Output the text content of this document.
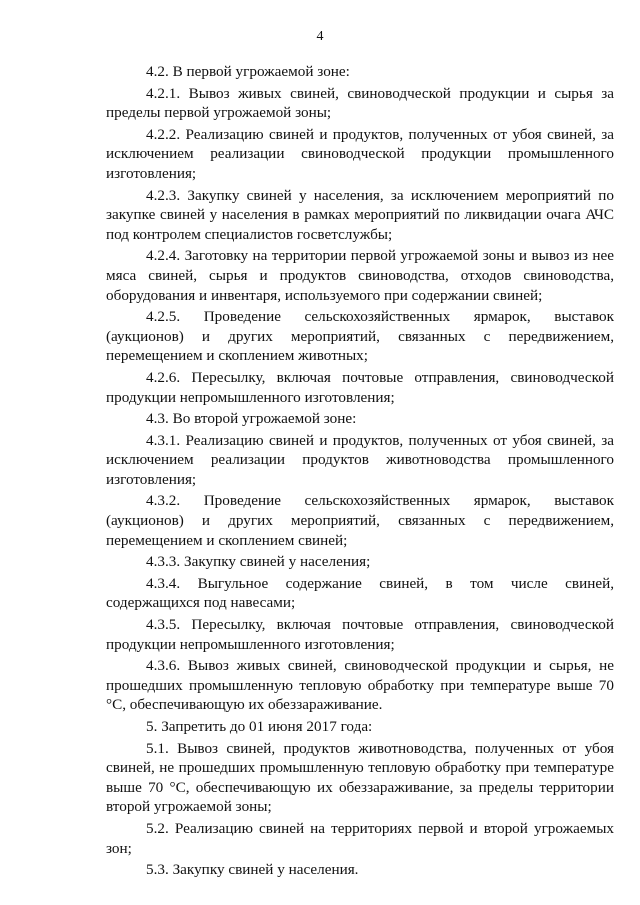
4

4.2. В первой угрожаемой зоне:

4.2.1. Вывоз живых свиней, свиноводческой продукции и сырья за пределы первой угрожаемой зоны;

4.2.2. Реализацию свиней и продуктов, полученных от убоя свиней, за исключением реализации свиноводческой продукции промышленного изготовления;

4.2.3. Закупку свиней у населения, за исключением мероприятий по закупке свиней у населения в рамках мероприятий по ликвидации очага АЧС под контролем специалистов госветслужбы;

4.2.4. Заготовку на территории первой угрожаемой зоны и вывоз из нее мяса свиней, сырья и продуктов свиноводства, отходов свиноводства, оборудования и инвентаря, используемого при содержании свиней;

4.2.5. Проведение сельскохозяйственных ярмарок, выставок (аукционов) и других мероприятий, связанных с передвижением, перемещением и скоплением животных;

4.2.6. Пересылку, включая почтовые отправления, свиноводческой продукции непромышленного изготовления;

4.3. Во второй угрожаемой зоне:

4.3.1. Реализацию свиней и продуктов, полученных от убоя свиней, за исключением реализации продуктов животноводства промышленного изготовления;

4.3.2. Проведение сельскохозяйственных ярмарок, выставок (аукционов) и других мероприятий, связанных с передвижением, перемещением и скоплением свиней;

4.3.3. Закупку свиней у населения;

4.3.4. Выгульное содержание свиней, в том числе свиней, содержащихся под навесами;

4.3.5. Пересылку, включая почтовые отправления, свиноводческой продукции непромышленного изготовления;

4.3.6. Вывоз живых свиней, свиноводческой продукции и сырья, не прошедших промышленную тепловую обработку при температуре выше 70 °С, обеспечивающую их обеззараживание.

5. Запретить до 01 июня 2017 года:

5.1. Вывоз свиней, продуктов животноводства, полученных от убоя свиней, не прошедших промышленную тепловую обработку при температуре выше 70 °С, обеспечивающую их обеззараживание, за пределы территории второй угрожаемой зоны;

5.2. Реализацию свиней на территориях первой и второй угрожаемых зон;

5.3. Закупку свиней у населения.
